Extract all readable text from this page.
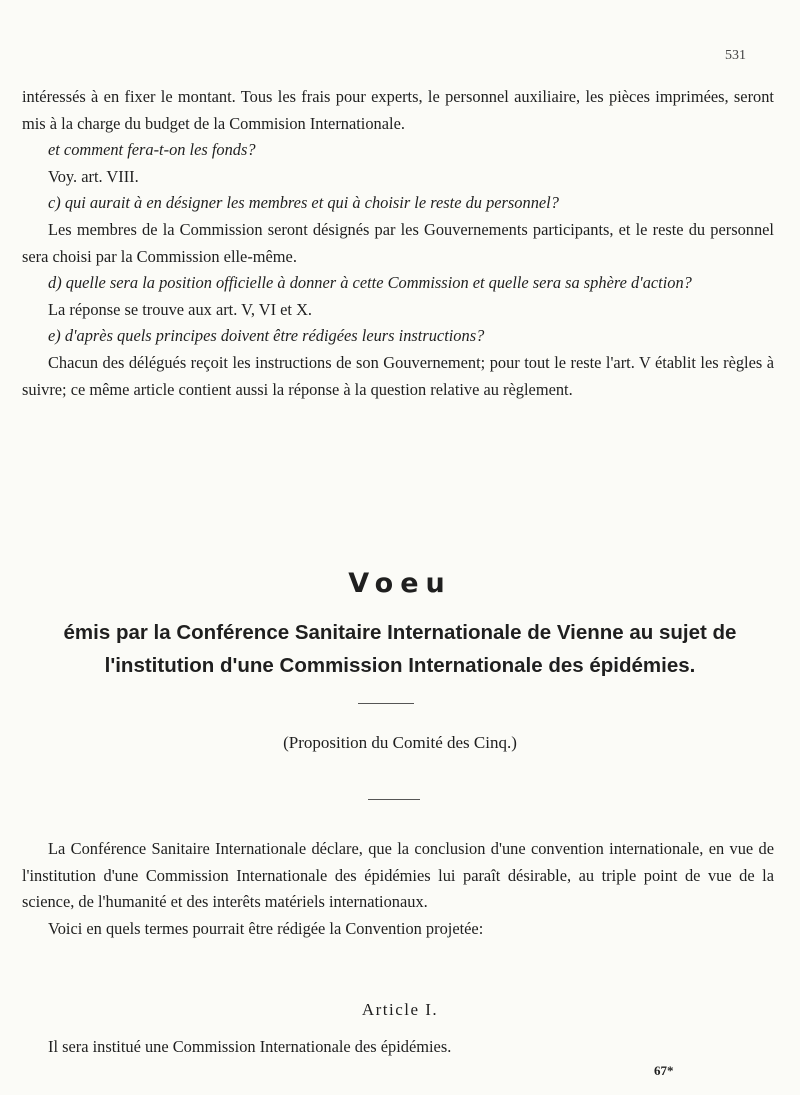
531

intéressés à en fixer le montant. Tous les frais pour experts, le personnel auxiliaire, les pièces imprimées, seront mis à la charge du budget de la Commision Internationale.

et comment fera-t-on les fonds?

Voy. art. VIII.

c) qui aurait à en désigner les membres et qui à choisir le reste du personnel?

Les membres de la Commission seront désignés par les Gouvernements participants, et le reste du personnel sera choisi par la Commission elle-même.

d) quelle sera la position officielle à donner à cette Commission et quelle sera sa sphère d'action?

La réponse se trouve aux art. V, VI et X.

e) d'après quels principes doivent être rédigées leurs instructions?

Chacun des délégués reçoit les instructions de son Gouvernement; pour tout le reste l'art. V établit les règles à suivre; ce même article contient aussi la réponse à la question relative au règlement.

Voeu
émis par la Conférence Sanitaire Internationale de Vienne au sujet de l'institution d'une Commission Internationale des épidémies.
(Proposition du Comité des Cinq.)

La Conférence Sanitaire Internationale déclare, que la conclusion d'une convention internationale, en vue de l'institution d'une Commission Internationale des épidémies lui paraît désirable, au triple point de vue de la science, de l'humanité et des interêts matériels internationaux.

Voici en quels termes pourrait être rédigée la Convention projetée:

Article I.

Il sera institué une Commission Internationale des épidémies.

67*
